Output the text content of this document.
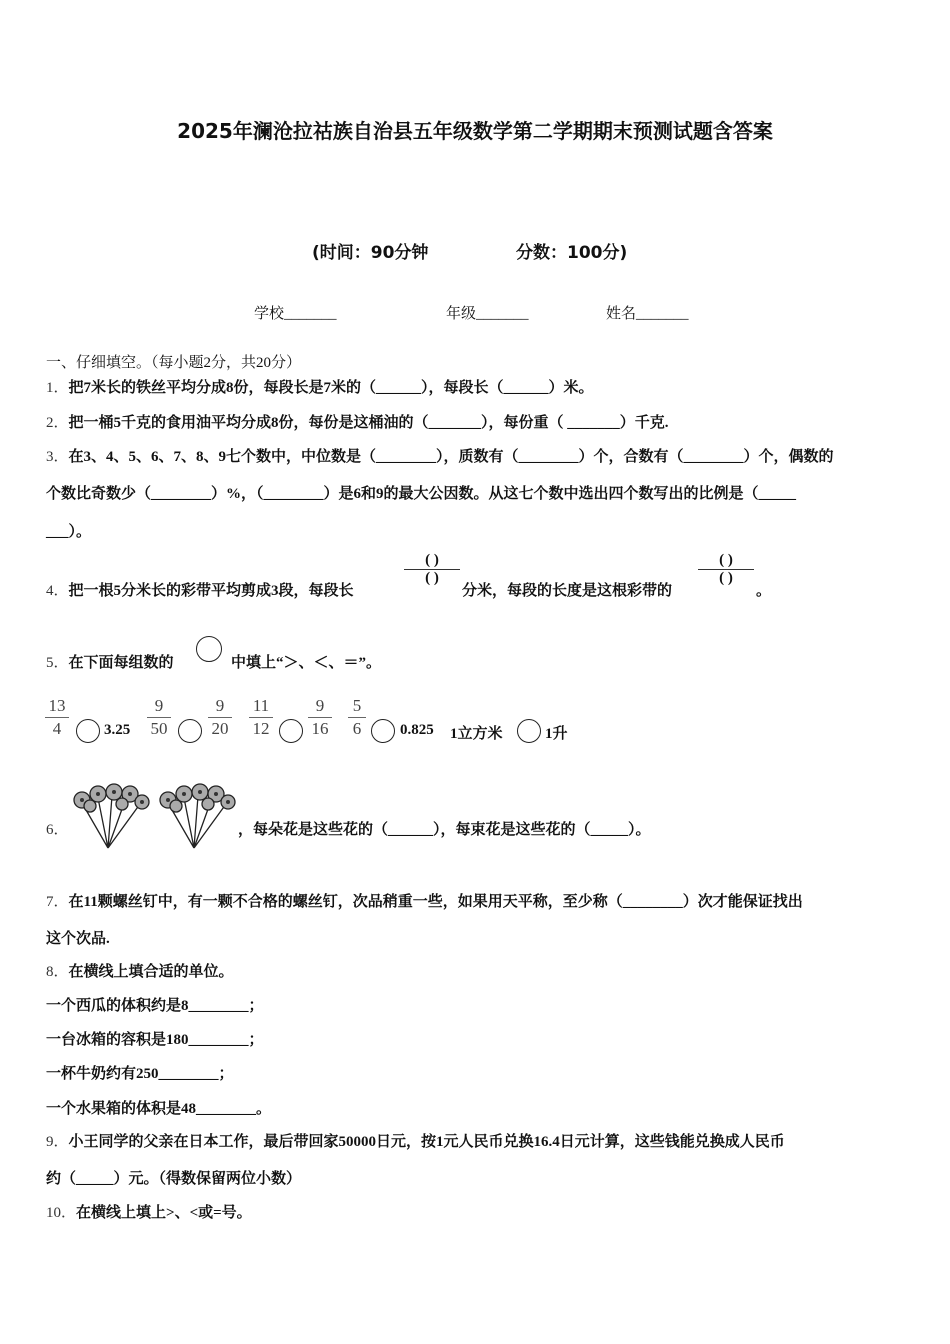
2025年澜沧拉祜族自治县五年级数学第二学期期末预测试题含答案
(时间：90分钟	分数：100分)
学校_______	年级_______	姓名_______
一、仔细填空。（每小题2分，共20分）
1．把7米长的铁丝平均分成8份，每段长是7米的（______），每段长（______）米。
2．把一桶5千克的食用油平均分成8份，每份是这桶油的（_______），每份重（ _______）千克.
3．在3、4、5、6、7、8、9七个数中，中位数是（________），质数有（________）个，合数有（________）个，偶数的
个数比奇数少（________）%，（________）是6和9的最大公因数。从这七个数中选出四个数写出的比例是（_____
___）。
4．把一根5分米长的彩带平均剪成3段，每段长
( )
( )
分米，每段的长度是这根彩带的
( )
( )
。
5．在下面每组数的	中填上“＞、＜、＝”。
13
4	3.25
9
50
9
20
11
12
9
16
5
6	0.825 1立方米	1升
6．	，每朵花是这些花的（______），每束花是这些花的（_____）。
7．在11颗螺丝钉中，有一颗不合格的螺丝钉，次品稍重一些，如果用天平称，至少称（________）次才能保证找出
这个次品.
8．在横线上填合适的单位。
一个西瓜的体积约是8________；
一台冰箱的容积是180________；
一杯牛奶约有250________；
一个水果箱的体积是48________。
9．小王同学的父亲在日本工作，最后带回家50000日元，按1元人民币兑换16.4日元计算，这些钱能兑换成人民币
约（_____）元。（得数保留两位小数）
10．在横线上填上>、<或=号。
